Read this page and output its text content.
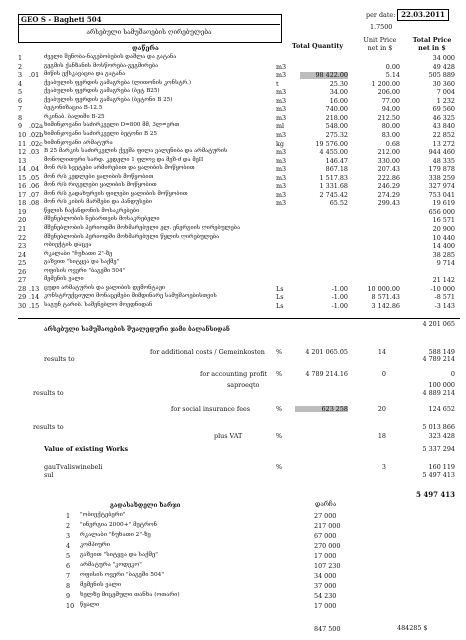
GEO S - Bagheti 504
არსებული სამუშაოების ღირებულება
per date: 22.03.2011
1.7500
დაწერა	Total Quantity
Unit Price
net in $
Total Price
net in $
1	ძველი შენობა-ნაგებობების დაშლა და გატანა	34 000
2	გეგმის ქანზანის მოსწორება-გეგმირება	m3	0.00	49 428
3	.01 მიწის ექსკავაცია და გატანა	m3	98 422.00	5.14	505 889
4	ქვაბულის ფერდის გამაგრება (ლითონის კონსტრ.)	t	25.30	1 200.00	30 360
5	ქვაბულის ფერდის გამაგრება (ბეტ B25)	m3	34.00	206.00	7 004
6	ქვაბულის ფერდის გამაგრება (ბეტონი B 25)	m3	16.00	77.00	1 232
7	ბეტონიზაცია B-12.5	m3	740.00	94.00	69 560
8	რკინაბ. ბალიში B-25	m3	218.00	212.50	46 325
9	.02a ხიმინჯოვანი საძირკველი D=800 მმ, 3ლ=ერთ	ml	548.00	80.00	43 840
10 .02b ხიმინჯოვანი საძირკველი ბეტონი B 25	m3	275.32	83.00	22 852
11 .02c ხიმინჯოვანი არმატურა	kg	19 576.00	0.68	13 272
12 .03 B 25 მარკის საძირკვლის ქვეშა ფილა ვალენიბა და არმატურის	m3	4 455.00	212.00	944 460
13	მონოლითური სარდ. კედელი 1 ფლოვ და მეზ-ძ და მეII	m3	146.47	330.00	48 335
14 .04 მონ რ/ბ სვეტები არმირებით და ყალიბის მოწყობით	m3	867.18	207.43	179 878
15 .05 მონ რ/ბ კედლები ყალიბის მოწყობით	m3	1 517.83	222.86	338 259
16 .06 მონ რ/ბ რიგელები ყალიბის მოწყობით	m3	1 331.68	246.29	327 974
17 .07 მონ რ/ბ გადახურვის ფილები ყალიბის მოწყობით	m3	2 745.42	274.29	753 041
18 .08 მონ რ/ბ კიბის მარშები და პანდუსები	m3	65.52	299.43	19 619
19	წყლის ჩაქანდონის მოსაკრებები	656 000
20	მშენებლობის ნებართვის მოსაკრებელი	16 571
21	მშენებლობის პერიოდში მოხმარებული ელ. ენერგიის ღირებულება	20 900
22	მშენებლობის პერიოდში მოხმარებული წყლის ღირებულება	10 440
23	ობიექტის დაცვა	14 400
24	რკალაბი "ჩუხათი 2"-ზე	38 285
25	გაზვით "სიტყვა და საქმე"	9 714
26	ოფისის ოვერი "ბაგეში 504"
27	მემენის ვალი	21 142
28 .13 ცუდი არმატურის და ყალიბის დემონტაჟი	Ls	-1.00	10 000.00	-10 000
29 .14 კონსტრუქციული მონაცემები მიმდინარე სამუშაოებისთვის	Ls	-1.00	8 571.43	-8 571
30 .15 საგუნ ტარიბ. საშენებლო მოედნიდან	Ls	-1.00	3 142.86	-3 143
არსებული სამუშაოების შუალედური ჯამი ბალანსიდან
4 201 065
for additional costs / Gemeinkosten %	4 201 065.05	14	588 149
results to	4 789 214
for accounting profit %	4 789 214.16	0	0
saproeqto	100 000
results to	4 889 214
for social insurance fees	%	623 258	20	124 652
results to	5 013 866
plus VAT	%	18	323 428
Value of existing Works	5 337 294
gauTvaliswinebeli	%	3	160 119
sul	5 497 413
5 497 413
გადასახდელი ხარჯი	დარჩა
1	"ობიექტებერი"	27 000
2	"ინერგია 2000+" მეტრონ	217 000
3	რკალაბი "ჩუხათი 2"-ზე	67 000
4	კომპიური	270 000
5	გაზვით "სიტყვა და საქმე"	17 000
6	არმატურა "კოდეკო"	107 230
7	ოფისის ოვერი "ბაგეში 504"	34 000
8	მემენის ვალი	37 000
9	ხელზე მიცემული თანხა (ოთარი)	54 230
10	წყალი	17 000
847 500	484285 $
